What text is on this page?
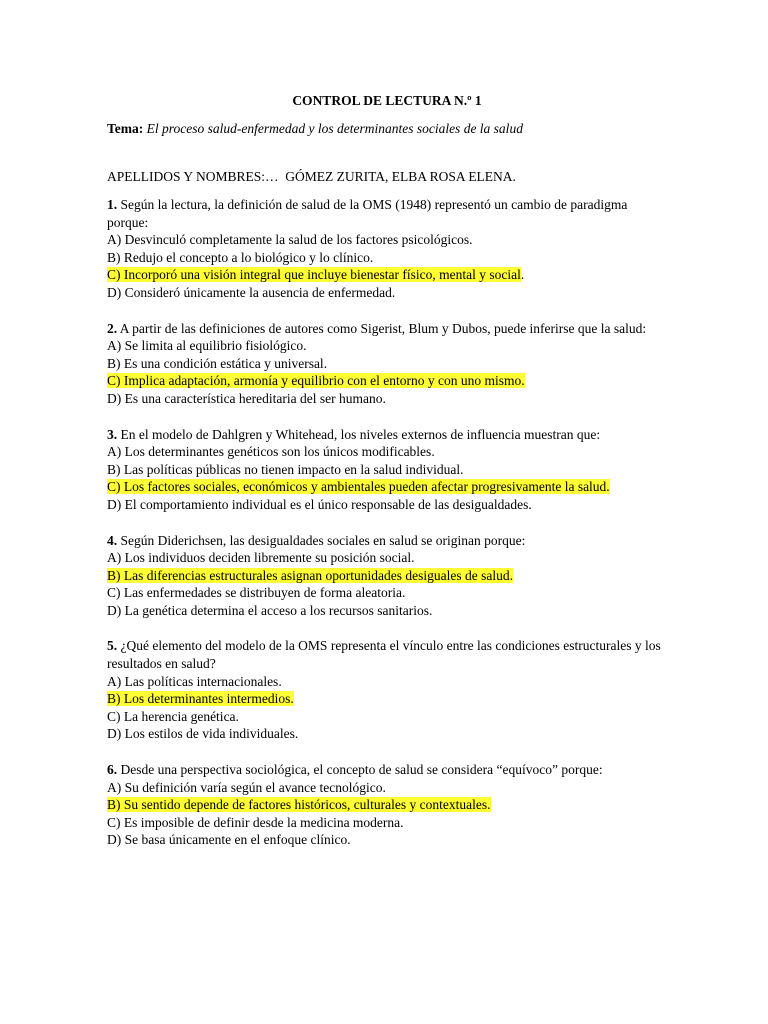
CONTROL DE LECTURA N.º 1
Tema: El proceso salud-enfermedad y los determinantes sociales de la salud
APELLIDOS Y NOMBRES:… GÓMEZ ZURITA, ELBA ROSA ELENA.

1. Según la lectura, la definición de salud de la OMS (1948) representó un cambio de paradigma porque:

A) Desvinculó completamente la salud de los factores psicológicos.
B) Redujo el concepto a lo biológico y lo clínico.
C) Incorporó una visión integral que incluye bienestar físico, mental y social.
D) Consideró únicamente la ausencia de enfermedad.

2. A partir de las definiciones de autores como Sigerist, Blum y Dubos, puede inferirse que la salud:

A) Se limita al equilibrio fisiológico.
B) Es una condición estática y universal.
C) Implica adaptación, armonía y equilibrio con el entorno y con uno mismo.
D) Es una característica hereditaria del ser humano.

3. En el modelo de Dahlgren y Whitehead, los niveles externos de influencia muestran que:

A) Los determinantes genéticos son los únicos modificables.
B) Las políticas públicas no tienen impacto en la salud individual.
C) Los factores sociales, económicos y ambientales pueden afectar progresivamente la salud.
D) El comportamiento individual es el único responsable de las desigualdades.

4. Según Diderichsen, las desigualdades sociales en salud se originan porque:

A) Los individuos deciden libremente su posición social.
B) Las diferencias estructurales asignan oportunidades desiguales de salud.
C) Las enfermedades se distribuyen de forma aleatoria.
D) La genética determina el acceso a los recursos sanitarios.

5. ¿Qué elemento del modelo de la OMS representa el vínculo entre las condiciones estructurales y los resultados en salud?

A) Las políticas internacionales.
B) Los determinantes intermedios.
C) La herencia genética.
D) Los estilos de vida individuales.

6. Desde una perspectiva sociológica, el concepto de salud se considera “equívoco” porque:

A) Su definición varía según el avance tecnológico.
B) Su sentido depende de factores históricos, culturales y contextuales.
C) Es imposible de definir desde la medicina moderna.
D) Se basa únicamente en el enfoque clínico.
